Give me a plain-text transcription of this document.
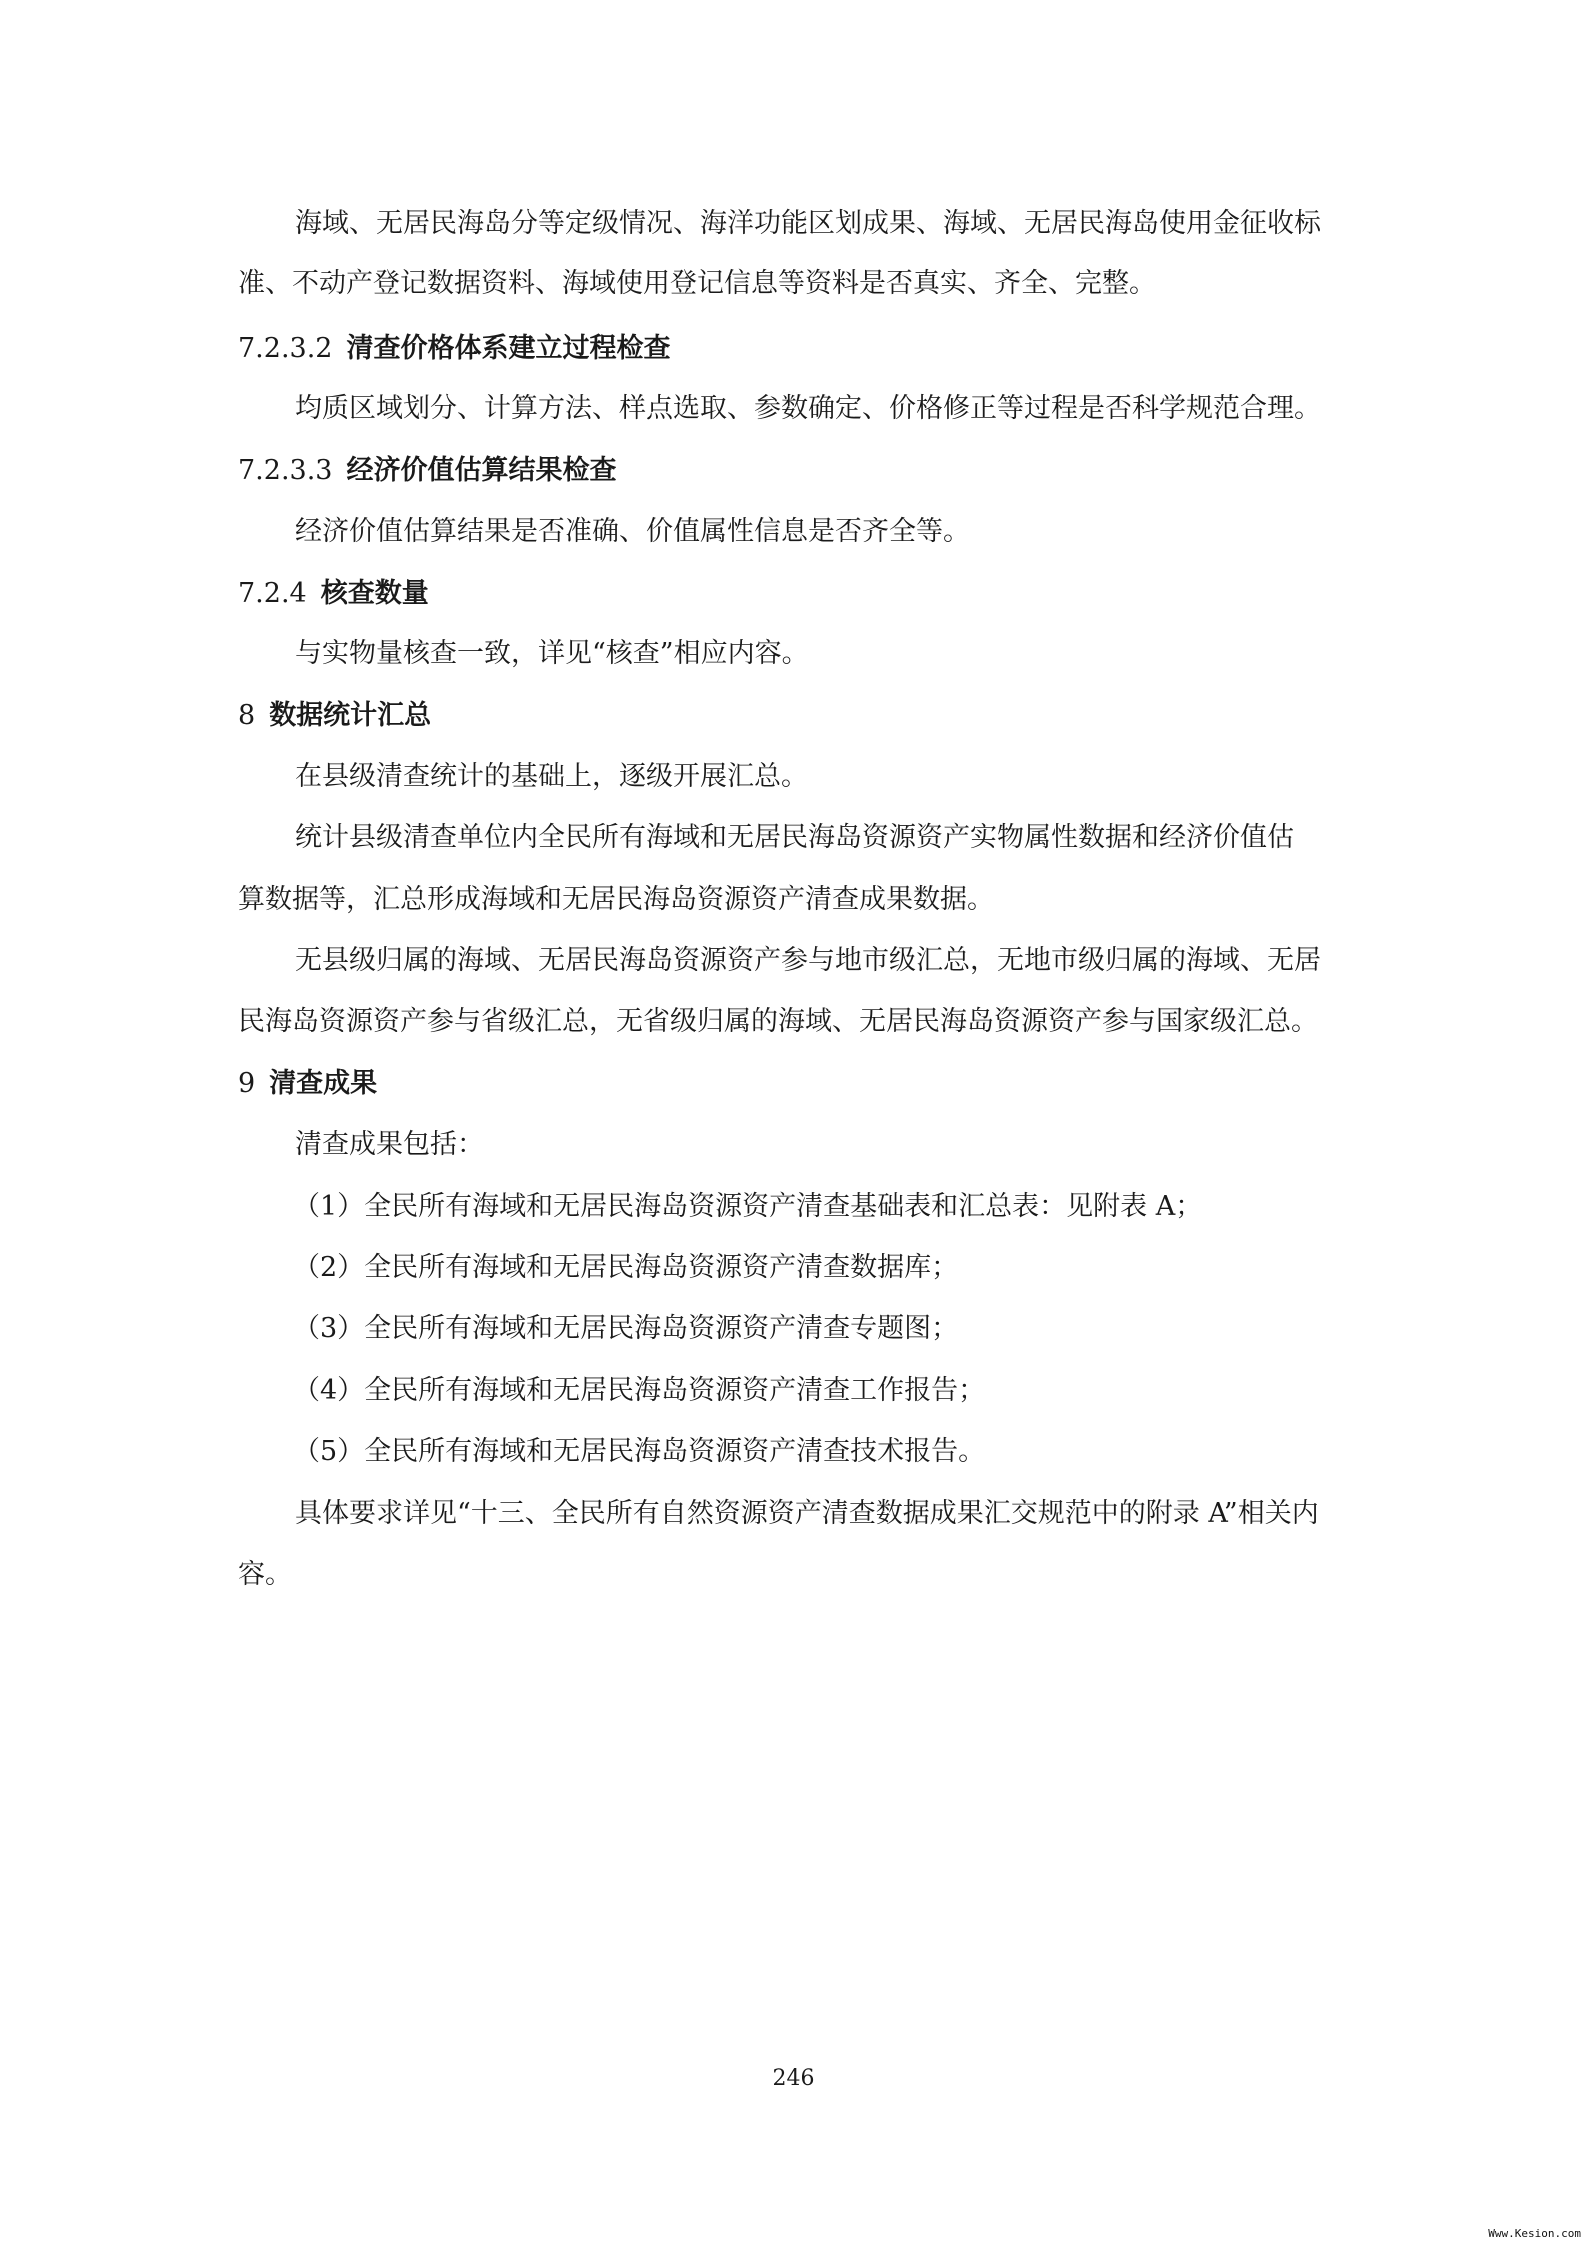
海域、无居民海岛分等定级情况、海洋功能区划成果、海域、无居民海岛使用金征收标
准、不动产登记数据资料、海域使用登记信息等资料是否真实、齐全、完整。
7.2.3.2 清查价格体系建立过程检查
均质区域划分、计算方法、样点选取、参数确定、价格修正等过程是否科学规范合理。
7.2.3.3 经济价值估算结果检查
经济价值估算结果是否准确、价值属性信息是否齐全等。
7.2.4 核查数量
与实物量核查一致，详见“核查”相应内容。
8 数据统计汇总
在县级清查统计的基础上，逐级开展汇总。
统计县级清查单位内全民所有海域和无居民海岛资源资产实物属性数据和经济价值估
算数据等，汇总形成海域和无居民海岛资源资产清查成果数据。
无县级归属的海域、无居民海岛资源资产参与地市级汇总，无地市级归属的海域、无居
民海岛资源资产参与省级汇总，无省级归属的海域、无居民海岛资源资产参与国家级汇总。
9 清查成果
清查成果包括：
（1）全民所有海域和无居民海岛资源资产清查基础表和汇总表：见附表 A；
（2）全民所有海域和无居民海岛资源资产清查数据库；
（3）全民所有海域和无居民海岛资源资产清查专题图；
（4）全民所有海域和无居民海岛资源资产清查工作报告；
（5）全民所有海域和无居民海岛资源资产清查技术报告。
具体要求详见“十三、全民所有自然资源资产清查数据成果汇交规范中的附录 A”相关内
容。
246
Www.Kesion.com
